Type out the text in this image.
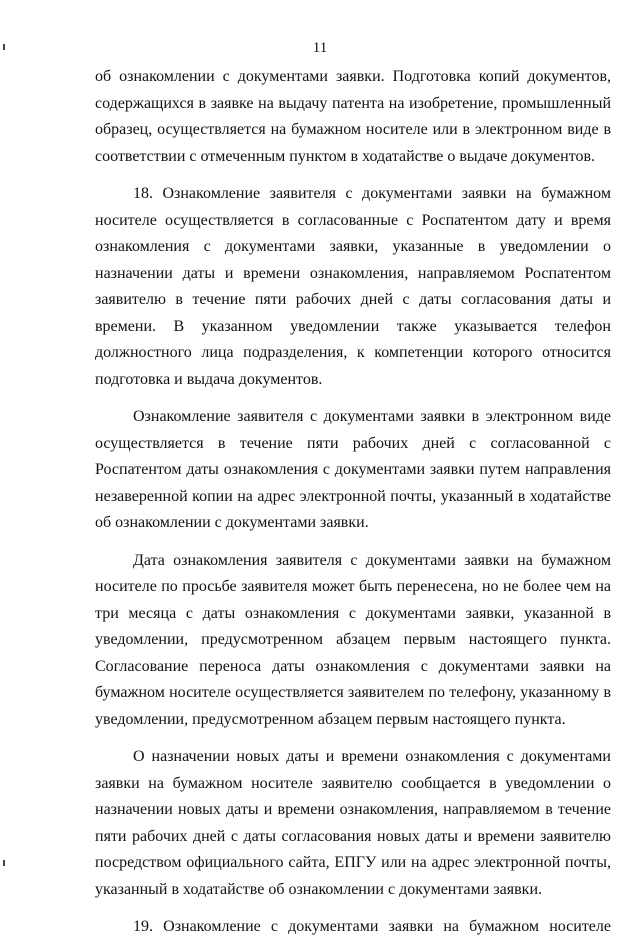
11

об ознакомлении с документами заявки. Подготовка копий документов, содержащихся в заявке на выдачу патента на изобретение, промышленный образец, осуществляется на бумажном носителе или в электронном виде в соответствии с отмеченным пунктом в ходатайстве о выдаче документов.

18. Ознакомление заявителя с документами заявки на бумажном носителе осуществляется в согласованные с Роспатентом дату и время ознакомления с документами заявки, указанные в уведомлении о назначении даты и времени ознакомления, направляемом Роспатентом заявителю в течение пяти рабочих дней с даты согласования даты и времени. В указанном уведомлении также указывается телефон должностного лица подразделения, к компетенции которого относится подготовка и выдача документов.

Ознакомление заявителя с документами заявки в электронном виде осуществляется в течение пяти рабочих дней с согласованной с Роспатентом даты ознакомления с документами заявки путем направления незаверенной копии на адрес электронной почты, указанный в ходатайстве об ознакомлении с документами заявки.

Дата ознакомления заявителя с документами заявки на бумажном носителе по просьбе заявителя может быть перенесена, но не более чем на три месяца с даты ознакомления с документами заявки, указанной в уведомлении, предусмотренном абзацем первым настоящего пункта. Согласование переноса даты ознакомления с документами заявки на бумажном носителе осуществляется заявителем по телефону, указанному в уведомлении, предусмотренном абзацем первым настоящего пункта.

О назначении новых даты и времени ознакомления с документами заявки на бумажном носителе заявителю сообщается в уведомлении о назначении новых даты и времени ознакомления, направляемом в течение пяти рабочих дней с даты согласования новых даты и времени заявителю посредством официального сайта, ЕПГУ или на адрес электронной почты, указанный в ходатайстве об ознакомлении с документами заявки.

19. Ознакомление с документами заявки на бумажном носителе
